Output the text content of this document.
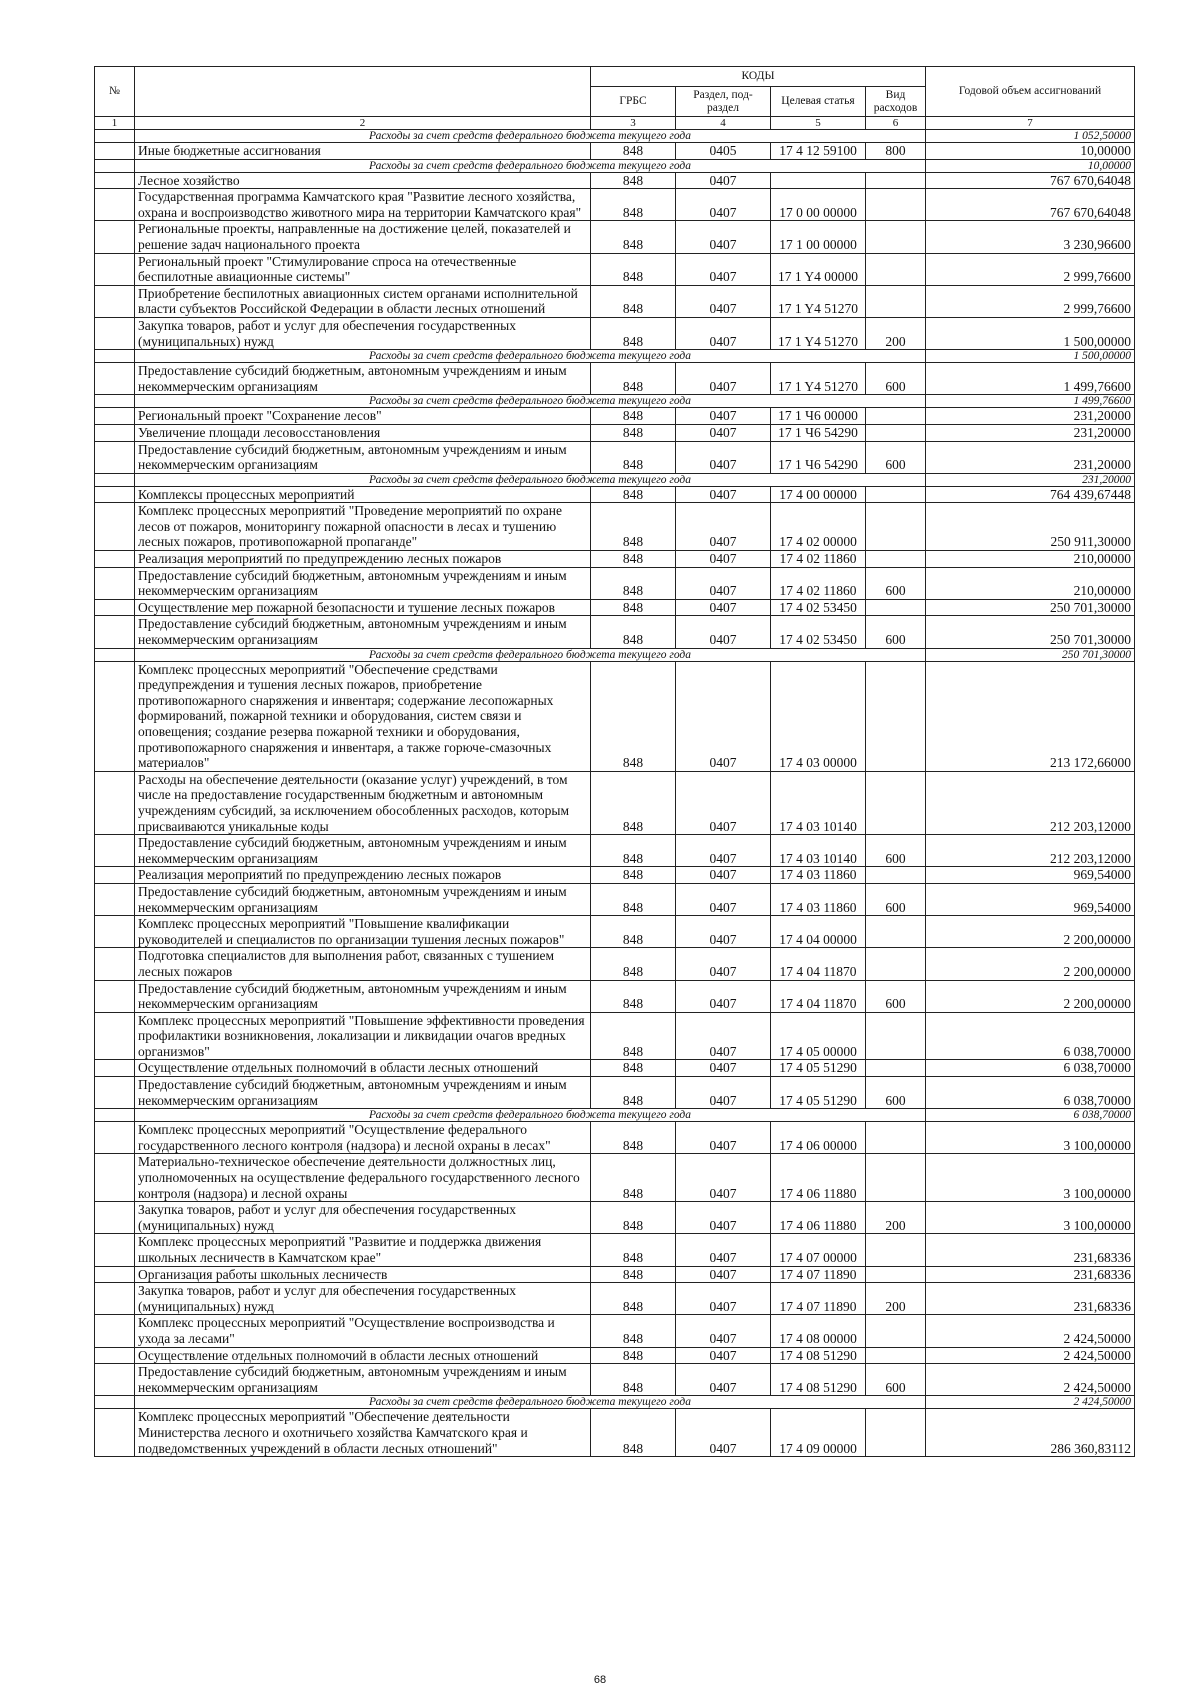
№		КОДЫ				Годовой объем ассигнований
		ГРБС	Раздел, под-раздел	Целевая статья	Вид расходов	
1	2	3	4	5	6	7
	Расходы за счет средств федерального бюджета текущего года					1 052,50000
	Иные бюджетные ассигнования	848	0405	17 4 12 59100	800	10,00000
	Расходы за счет средств федерального бюджета текущего года					10,00000
	Лесное хозяйство	848	0407			767 670,64048
	Государственная программа Камчатского края "Развитие лесного хозяйства, охрана и воспроизводство животного мира на территории Камчатского края"	848	0407	17 0 00 00000		767 670,64048
	Региональные проекты, направленные на достижение целей, показателей и решение задач национального проекта	848	0407	17 1 00 00000		3 230,96600
	Региональный проект "Стимулирование спроса на отечественные беспилотные авиационные системы"	848	0407	17 1 Y4 00000		2 999,76600
	Приобретение беспилотных авиационных систем органами исполнительной власти субъектов Российской Федерации в области лесных отношений	848	0407	17 1 Y4 51270		2 999,76600
	Закупка товаров, работ и услуг для обеспечения государственных (муниципальных) нужд	848	0407	17 1 Y4 51270	200	1 500,00000
	Расходы за счет средств федерального бюджета текущего года					1 500,00000
	Предоставление субсидий бюджетным, автономным учреждениям и иным некоммерческим организациям	848	0407	17 1 Y4 51270	600	1 499,76600
	Расходы за счет средств федерального бюджета текущего года					1 499,76600
	Региональный проект "Сохранение лесов"	848	0407	17 1 Ч6 00000		231,20000
	Увеличение площади лесовосстановления	848	0407	17 1 Ч6 54290		231,20000
	Предоставление субсидий бюджетным, автономным учреждениям и иным некоммерческим организациям	848	0407	17 1 Ч6 54290	600	231,20000
	Расходы за счет средств федерального бюджета текущего года					231,20000
	Комплексы процессных мероприятий	848	0407	17 4 00 00000		764 439,67448
	Комплекс процессных мероприятий "Проведение мероприятий по охране лесов от пожаров, мониторингу пожарной опасности в лесах и тушению лесных пожаров, противопожарной пропаганде"	848	0407	17 4 02 00000		250 911,30000
	Реализация мероприятий по предупреждению лесных пожаров	848	0407	17 4 02 11860		210,00000
	Предоставление субсидий бюджетным, автономным учреждениям и иным некоммерческим организациям	848	0407	17 4 02 11860	600	210,00000
	Осуществление мер пожарной безопасности и тушение лесных пожаров	848	0407	17 4 02 53450		250 701,30000
	Предоставление субсидий бюджетным, автономным учреждениям и иным некоммерческим организациям	848	0407	17 4 02 53450	600	250 701,30000
	Расходы за счет средств федерального бюджета текущего года					250 701,30000
	Комплекс процессных мероприятий "Обеспечение средствами предупреждения и тушения лесных пожаров, приобретение противопожарного снаряжения и инвентаря; содержание лесопожарных формирований, пожарной техники и оборудования, систем связи и оповещения; создание резерва пожарной техники и оборудования, противопожарного снаряжения и инвентаря, а также горюче-смазочных материалов"	848	0407	17 4 03 00000		213 172,66000
	Расходы на обеспечение деятельности (оказание услуг) учреждений, в том числе на предоставление государственным бюджетным и автономным учреждениям субсидий, за исключением обособленных расходов, которым присваиваются уникальные коды	848	0407	17 4 03 10140		212 203,12000
	Предоставление субсидий бюджетным, автономным учреждениям и иным некоммерческим организациям	848	0407	17 4 03 10140	600	212 203,12000
	Реализация мероприятий по предупреждению лесных пожаров	848	0407	17 4 03 11860		969,54000
	Предоставление субсидий бюджетным, автономным учреждениям и иным некоммерческим организациям	848	0407	17 4 03 11860	600	969,54000
	Комплекс процессных мероприятий "Повышение квалификации руководителей и специалистов по организации тушения лесных пожаров"	848	0407	17 4 04 00000		2 200,00000
	Подготовка специалистов для выполнения работ, связанных с тушением лесных пожаров	848	0407	17 4 04 11870		2 200,00000
	Предоставление субсидий бюджетным, автономным учреждениям и иным некоммерческим организациям	848	0407	17 4 04 11870	600	2 200,00000
	Комплекс процессных мероприятий "Повышение эффективности проведения профилактики возникновения, локализации и ликвидации очагов вредных организмов"	848	0407	17 4 05 00000		6 038,70000
	Осуществление отдельных полномочий в области лесных отношений	848	0407	17 4 05 51290		6 038,70000
	Предоставление субсидий бюджетным, автономным учреждениям и иным некоммерческим организациям	848	0407	17 4 05 51290	600	6 038,70000
	Расходы за счет средств федерального бюджета текущего года					6 038,70000
	Комплекс процессных мероприятий "Осуществление федерального государственного лесного контроля (надзора) и лесной охраны в лесах"	848	0407	17 4 06 00000		3 100,00000
	Материально-техническое обеспечение деятельности должностных лиц, уполномоченных на осуществление федерального государственного лесного контроля (надзора) и лесной охраны	848	0407	17 4 06 11880		3 100,00000
	Закупка товаров, работ и услуг для обеспечения государственных (муниципальных) нужд	848	0407	17 4 06 11880	200	3 100,00000
	Комплекс процессных мероприятий "Развитие и поддержка движения школьных лесничеств в Камчатском крае"	848	0407	17 4 07 00000		231,68336
	Организация работы школьных лесничеств	848	0407	17 4 07 11890		231,68336
	Закупка товаров, работ и услуг для обеспечения государственных (муниципальных) нужд	848	0407	17 4 07 11890	200	231,68336
	Комплекс процессных мероприятий "Осуществление воспроизводства и ухода за лесами"	848	0407	17 4 08 00000		2 424,50000
	Осуществление отдельных полномочий в области лесных отношений	848	0407	17 4 08 51290		2 424,50000
	Предоставление субсидий бюджетным, автономным учреждениям и иным некоммерческим организациям	848	0407	17 4 08 51290	600	2 424,50000
	Расходы за счет средств федерального бюджета текущего года					2 424,50000
	Комплекс процессных мероприятий "Обеспечение деятельности Министерства лесного и охотничьего хозяйства Камчатского края и подведомственных учреждений в области лесных отношений"	848	0407	17 4 09 00000		286 360,83112
68
